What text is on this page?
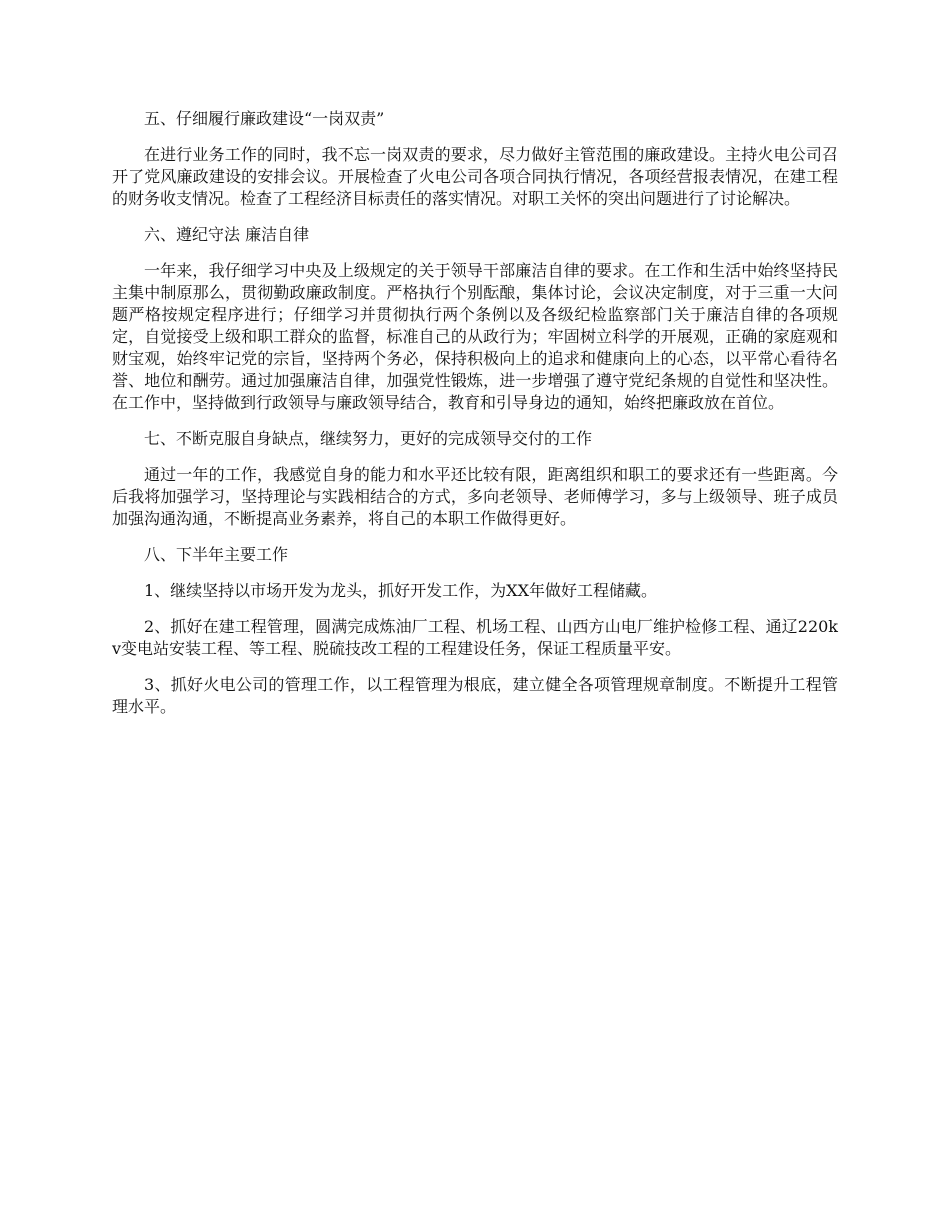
五、仔细履行廉政建设“一岗双责”

在进行业务工作的同时，我不忘一岗双责的要求，尽力做好主管范围的廉政建设。主持火电公司召开了党风廉政建设的安排会议。开展检查了火电公司各项合同执行情况，各项经营报表情况，在建工程的财务收支情况。检查了工程经济目标责任的落实情况。对职工关怀的突出问题进行了讨论解决。

六、遵纪守法 廉洁自律

一年来，我仔细学习中央及上级规定的关于领导干部廉洁自律的要求。在工作和生活中始终坚持民主集中制原那么，贯彻勤政廉政制度。严格执行个别酝酿，集体讨论，会议决定制度，对于三重一大问题严格按规定程序进行；仔细学习并贯彻执行两个条例以及各级纪检监察部门关于廉洁自律的各项规定，自觉接受上级和职工群众的监督，标准自己的从政行为；牢固树立科学的开展观，正确的家庭观和财宝观，始终牢记党的宗旨，坚持两个务必，保持积极向上的追求和健康向上的心态，以平常心看待名誉、地位和酬劳。通过加强廉洁自律，加强党性锻炼，进一步增强了遵守党纪条规的自觉性和坚决性。在工作中，坚持做到行政领导与廉政领导结合，教育和引导身边的通知，始终把廉政放在首位。

七、不断克服自身缺点，继续努力，更好的完成领导交付的工作

通过一年的工作，我感觉自身的能力和水平还比较有限，距离组织和职工的要求还有一些距离。今后我将加强学习，坚持理论与实践相结合的方式，多向老领导、老师傅学习，多与上级领导、班子成员加强沟通沟通，不断提高业务素养，将自己的本职工作做得更好。

八、下半年主要工作

1、继续坚持以市场开发为龙头，抓好开发工作，为XX年做好工程储藏。

2、抓好在建工程管理，圆满完成炼油厂工程、机场工程、山西方山电厂维护检修工程、通辽220kv变电站安装工程、等工程、脱硫技改工程的工程建设任务，保证工程质量平安。

3、抓好火电公司的管理工作，以工程管理为根底，建立健全各项管理规章制度。不断提升工程管理水平。
